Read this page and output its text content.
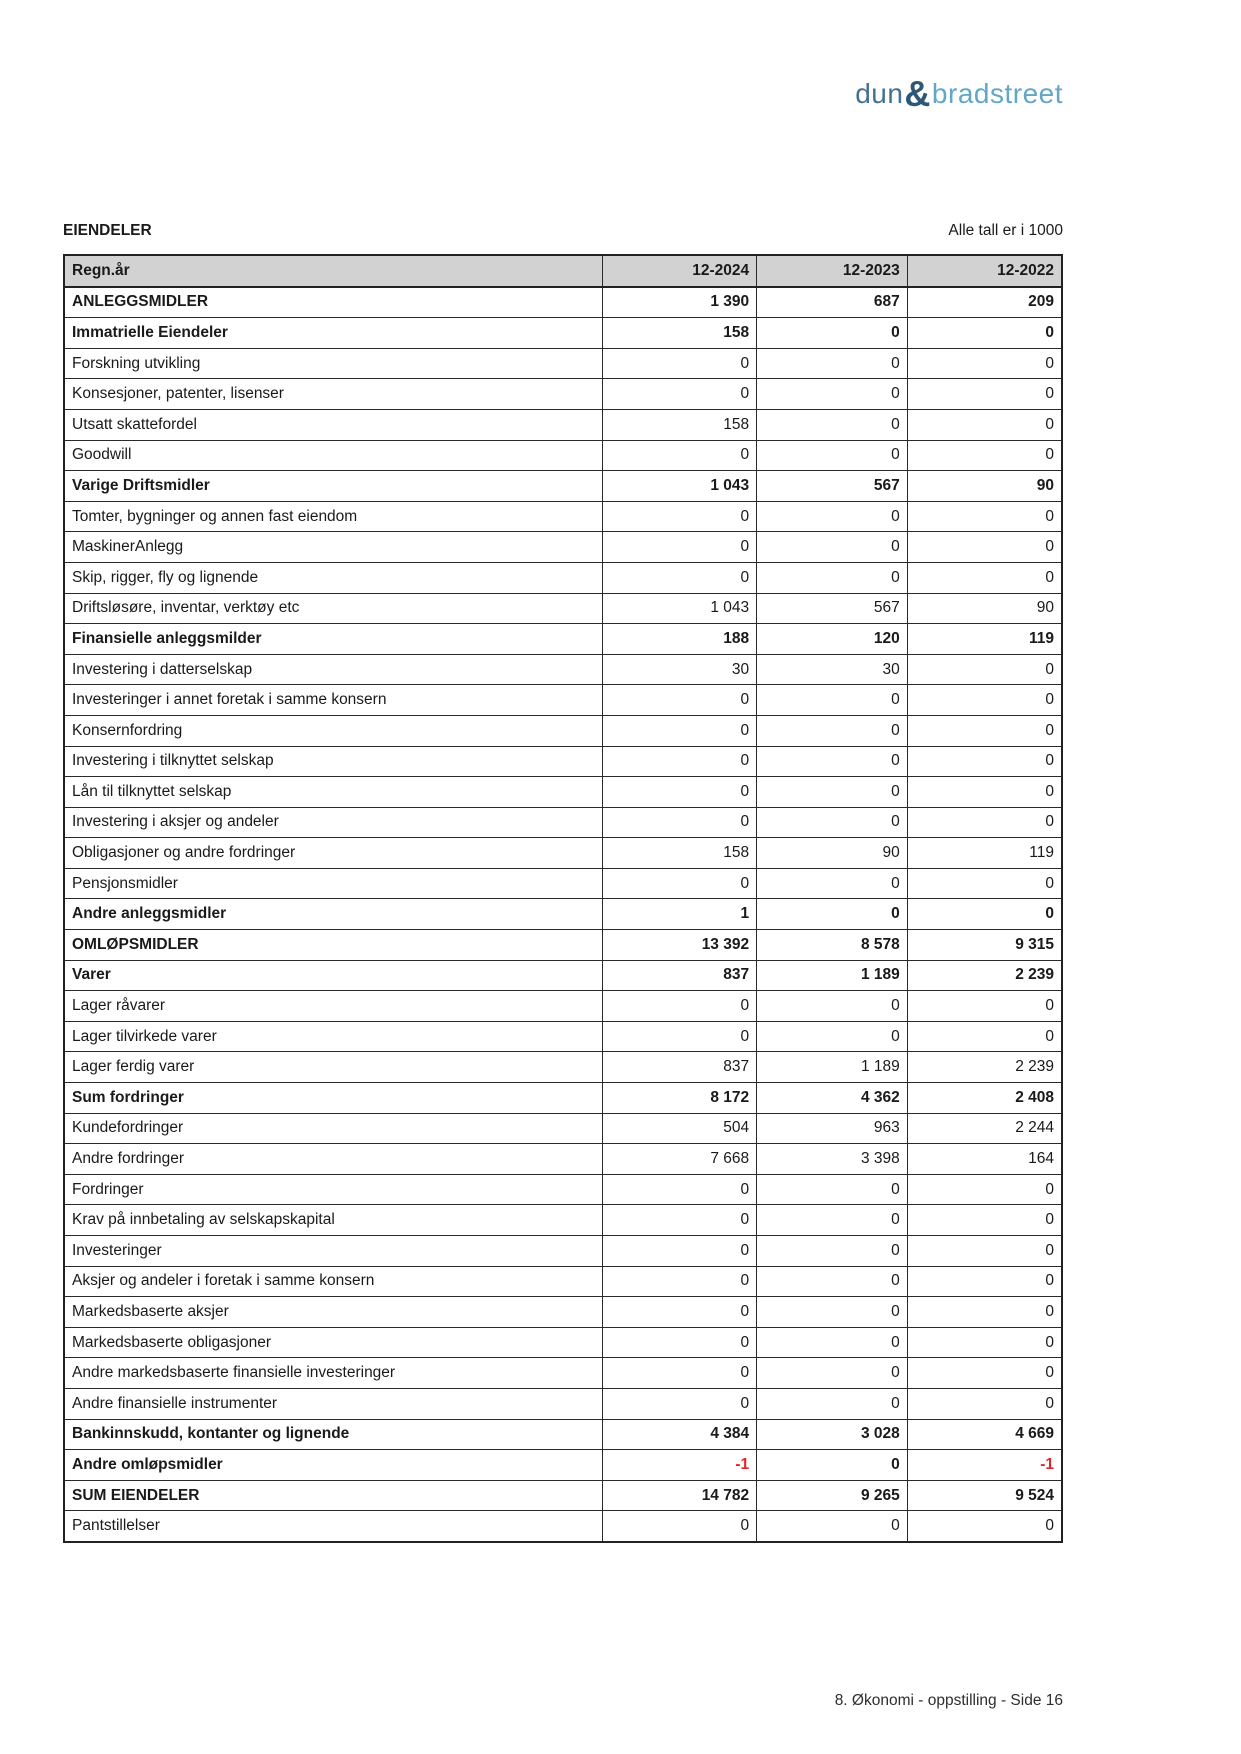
dun&bradstreet
EIENDELER	Alle tall er i 1000
Regn.år	12-2024	12-2023	12-2022
ANLEGGSMIDLER	1 390	687	209
Immatrielle Eiendeler	158	0	0
Forskning utvikling	0	0	0
Konsesjoner, patenter, lisenser	0	0	0
Utsatt skattefordel	158	0	0
Goodwill	0	0	0
Varige Driftsmidler	1 043	567	90
Tomter, bygninger og annen fast eiendom	0	0	0
MaskinerAnlegg	0	0	0
Skip, rigger, fly og lignende	0	0	0
Driftsløsøre, inventar, verktøy etc	1 043	567	90
Finansielle anleggsmilder	188	120	119
Investering i datterselskap	30	30	0
Investeringer i annet foretak i samme konsern	0	0	0
Konsernfordring	0	0	0
Investering i tilknyttet selskap	0	0	0
Lån til tilknyttet selskap	0	0	0
Investering i aksjer og andeler	0	0	0
Obligasjoner og andre fordringer	158	90	119
Pensjonsmidler	0	0	0
Andre anleggsmidler	1	0	0
OMLØPSMIDLER	13 392	8 578	9 315
Varer	837	1 189	2 239
Lager råvarer	0	0	0
Lager tilvirkede varer	0	0	0
Lager ferdig varer	837	1 189	2 239
Sum fordringer	8 172	4 362	2 408
Kundefordringer	504	963	2 244
Andre fordringer	7 668	3 398	164
Fordringer	0	0	0
Krav på innbetaling av selskapskapital	0	0	0
Investeringer	0	0	0
Aksjer og andeler i foretak i samme konsern	0	0	0
Markedsbaserte aksjer	0	0	0
Markedsbaserte obligasjoner	0	0	0
Andre markedsbaserte finansielle investeringer	0	0	0
Andre finansielle instrumenter	0	0	0
Bankinnskudd, kontanter og lignende	4 384	3 028	4 669
Andre omløpsmidler	-1	0	-1
SUM EIENDELER	14 782	9 265	9 524
Pantstillelser	0	0	0
8. Økonomi - oppstilling - Side 16
